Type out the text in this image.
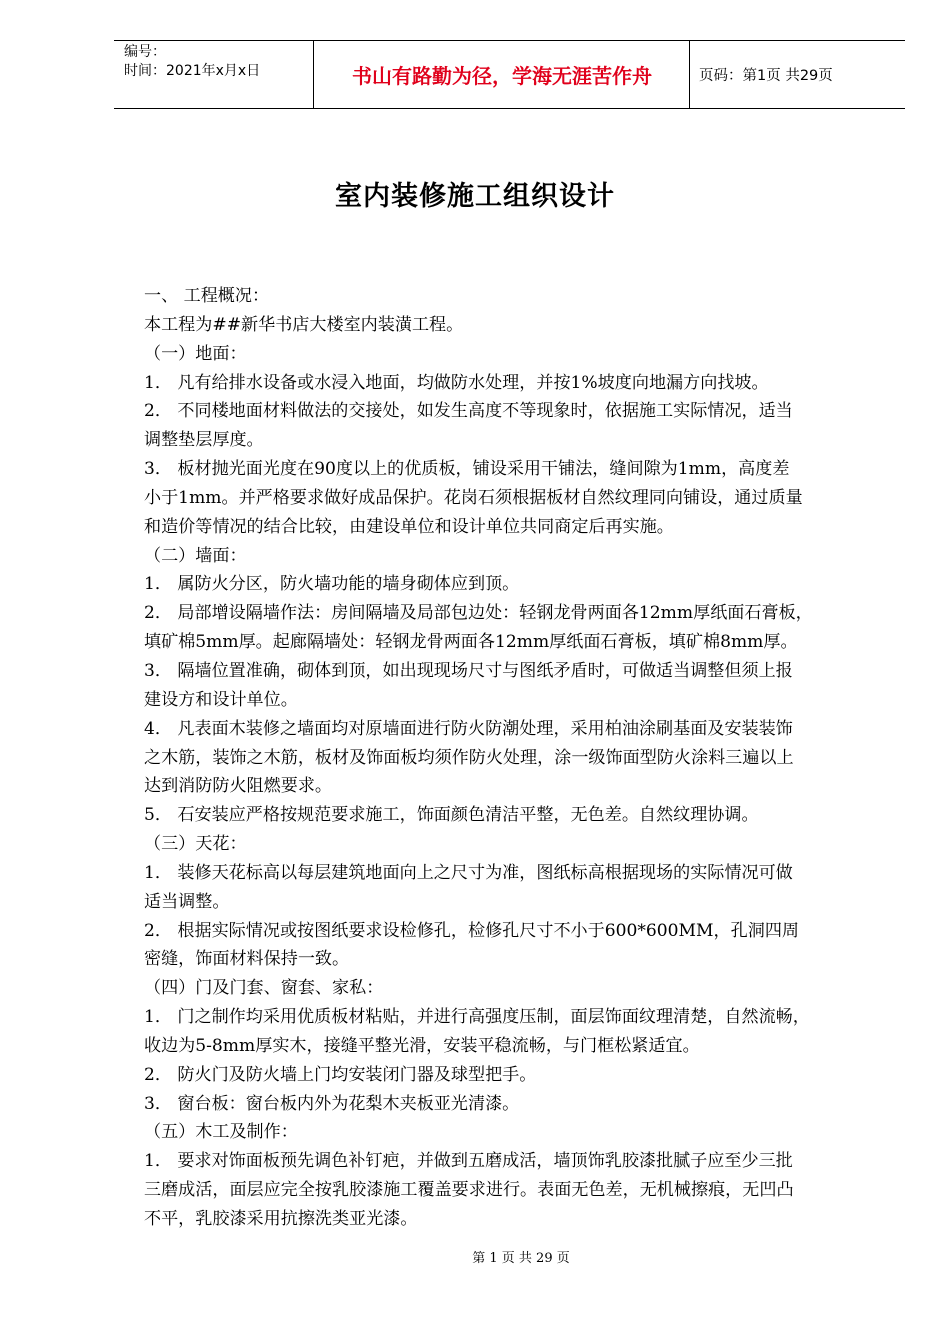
编号：
时间：2021年x月x日	书山有路勤为径，学海无涯苦作舟	页码：第1页 共29页
室内装修施工组织设计

一、 工程概况：

本工程为##新华书店大楼室内装潢工程。

（一）地面：

1． 凡有给排水设备或水浸入地面，均做防水处理，并按1%坡度向地漏方向找坡。

2． 不同楼地面材料做法的交接处，如发生高度不等现象时，依据施工实际情况，适当

调整垫层厚度。

3． 板材抛光面光度在90度以上的优质板，铺设采用干铺法，缝间隙为1mm，高度差

小于1mm。并严格要求做好成品保护。花岗石须根据板材自然纹理同向铺设，通过质量

和造价等情况的结合比较，由建设单位和设计单位共同商定后再实施。

（二）墙面：

1． 属防火分区，防火墙功能的墙身砌体应到顶。

2． 局部增设隔墙作法：房间隔墙及局部包边处：轻钢龙骨两面各12mm厚纸面石膏板，

填矿棉5mm厚。起廊隔墙处：轻钢龙骨两面各12mm厚纸面石膏板，填矿棉8mm厚。

3． 隔墙位置准确，砌体到顶，如出现现场尺寸与图纸矛盾时，可做适当调整但须上报

建设方和设计单位。

4． 凡表面木装修之墙面均对原墙面进行防火防潮处理，采用柏油涂刷基面及安装装饰

之木筋，装饰之木筋，板材及饰面板均须作防火处理，涂一级饰面型防火涂料三遍以上

达到消防防火阻燃要求。

5． 石安装应严格按规范要求施工，饰面颜色清洁平整，无色差。自然纹理协调。

（三）天花：

1． 装修天花标高以每层建筑地面向上之尺寸为准，图纸标高根据现场的实际情况可做

适当调整。

2． 根据实际情况或按图纸要求设检修孔，检修孔尺寸不小于600*600MM，孔洞四周

密缝，饰面材料保持一致。

（四）门及门套、窗套、家私：

1． 门之制作均采用优质板材粘贴，并进行高强度压制，面层饰面纹理清楚，自然流畅，

收边为5-8mm厚实木，接缝平整光滑，安装平稳流畅，与门框松紧适宜。

2． 防火门及防火墙上门均安装闭门器及球型把手。

3． 窗台板：窗台板内外为花梨木夹板亚光清漆。

（五）木工及制作：

1． 要求对饰面板预先调色补钉疤，并做到五磨成活，墙顶饰乳胶漆批腻子应至少三批

三磨成活，面层应完全按乳胶漆施工覆盖要求进行。表面无色差，无机械擦痕，无凹凸

不平，乳胶漆采用抗擦洗类亚光漆。

第 1 页 共 29 页
